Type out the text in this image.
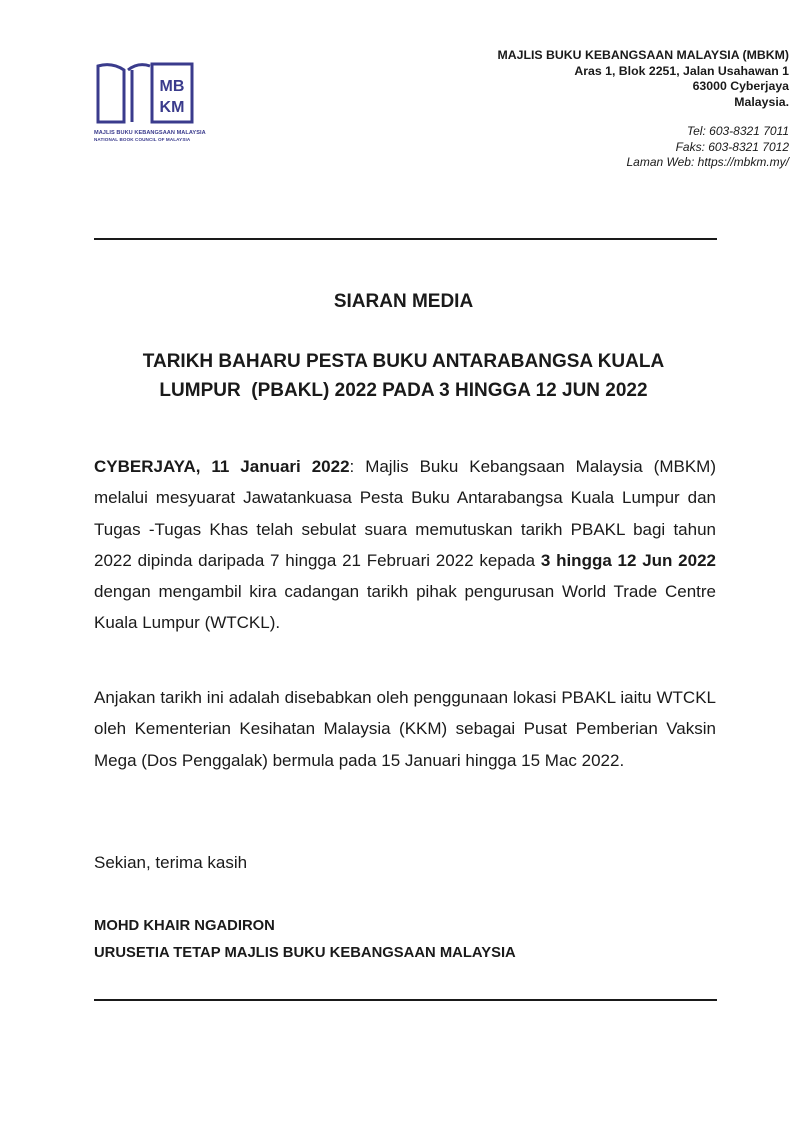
MB
KM
MAJLIS BUKU KEBANGSAAN MALAYSIA
NATIONAL BOOK COUNCIL OF MALAYSIA
MAJLIS BUKU KEBANGSAAN MALAYSIA (MBKM)
Aras 1, Blok 2251, Jalan Usahawan 1
63000 Cyberjaya
Malaysia.
Tel: 603-8321 7011
Faks: 603-8321 7012
Laman Web: https://mbkm.my/
SIARAN MEDIA
TARIKH BAHARU PESTA BUKU ANTARABANGSA KUALA
LUMPUR  (PBAKL) 2022 PADA 3 HINGGA 12 JUN 2022
CYBERJAYA, 11 Januari 2022: Majlis Buku Kebangsaan Malaysia (MBKM) melalui mesyuarat Jawatankuasa Pesta Buku Antarabangsa Kuala Lumpur dan Tugas -Tugas Khas telah sebulat suara memutuskan tarikh PBAKL bagi tahun 2022 dipinda daripada 7 hingga 21 Februari 2022 kepada 3 hingga 12 Jun 2022 dengan mengambil kira cadangan tarikh pihak pengurusan World Trade Centre Kuala Lumpur (WTCKL).
Anjakan tarikh ini adalah disebabkan oleh penggunaan lokasi PBAKL iaitu WTCKL oleh Kementerian Kesihatan Malaysia (KKM) sebagai Pusat Pemberian Vaksin Mega (Dos Penggalak) bermula pada 15 Januari hingga 15 Mac 2022.
Sekian, terima kasih
MOHD KHAIR NGADIRON
URUSETIA TETAP MAJLIS BUKU KEBANGSAAN MALAYSIA
